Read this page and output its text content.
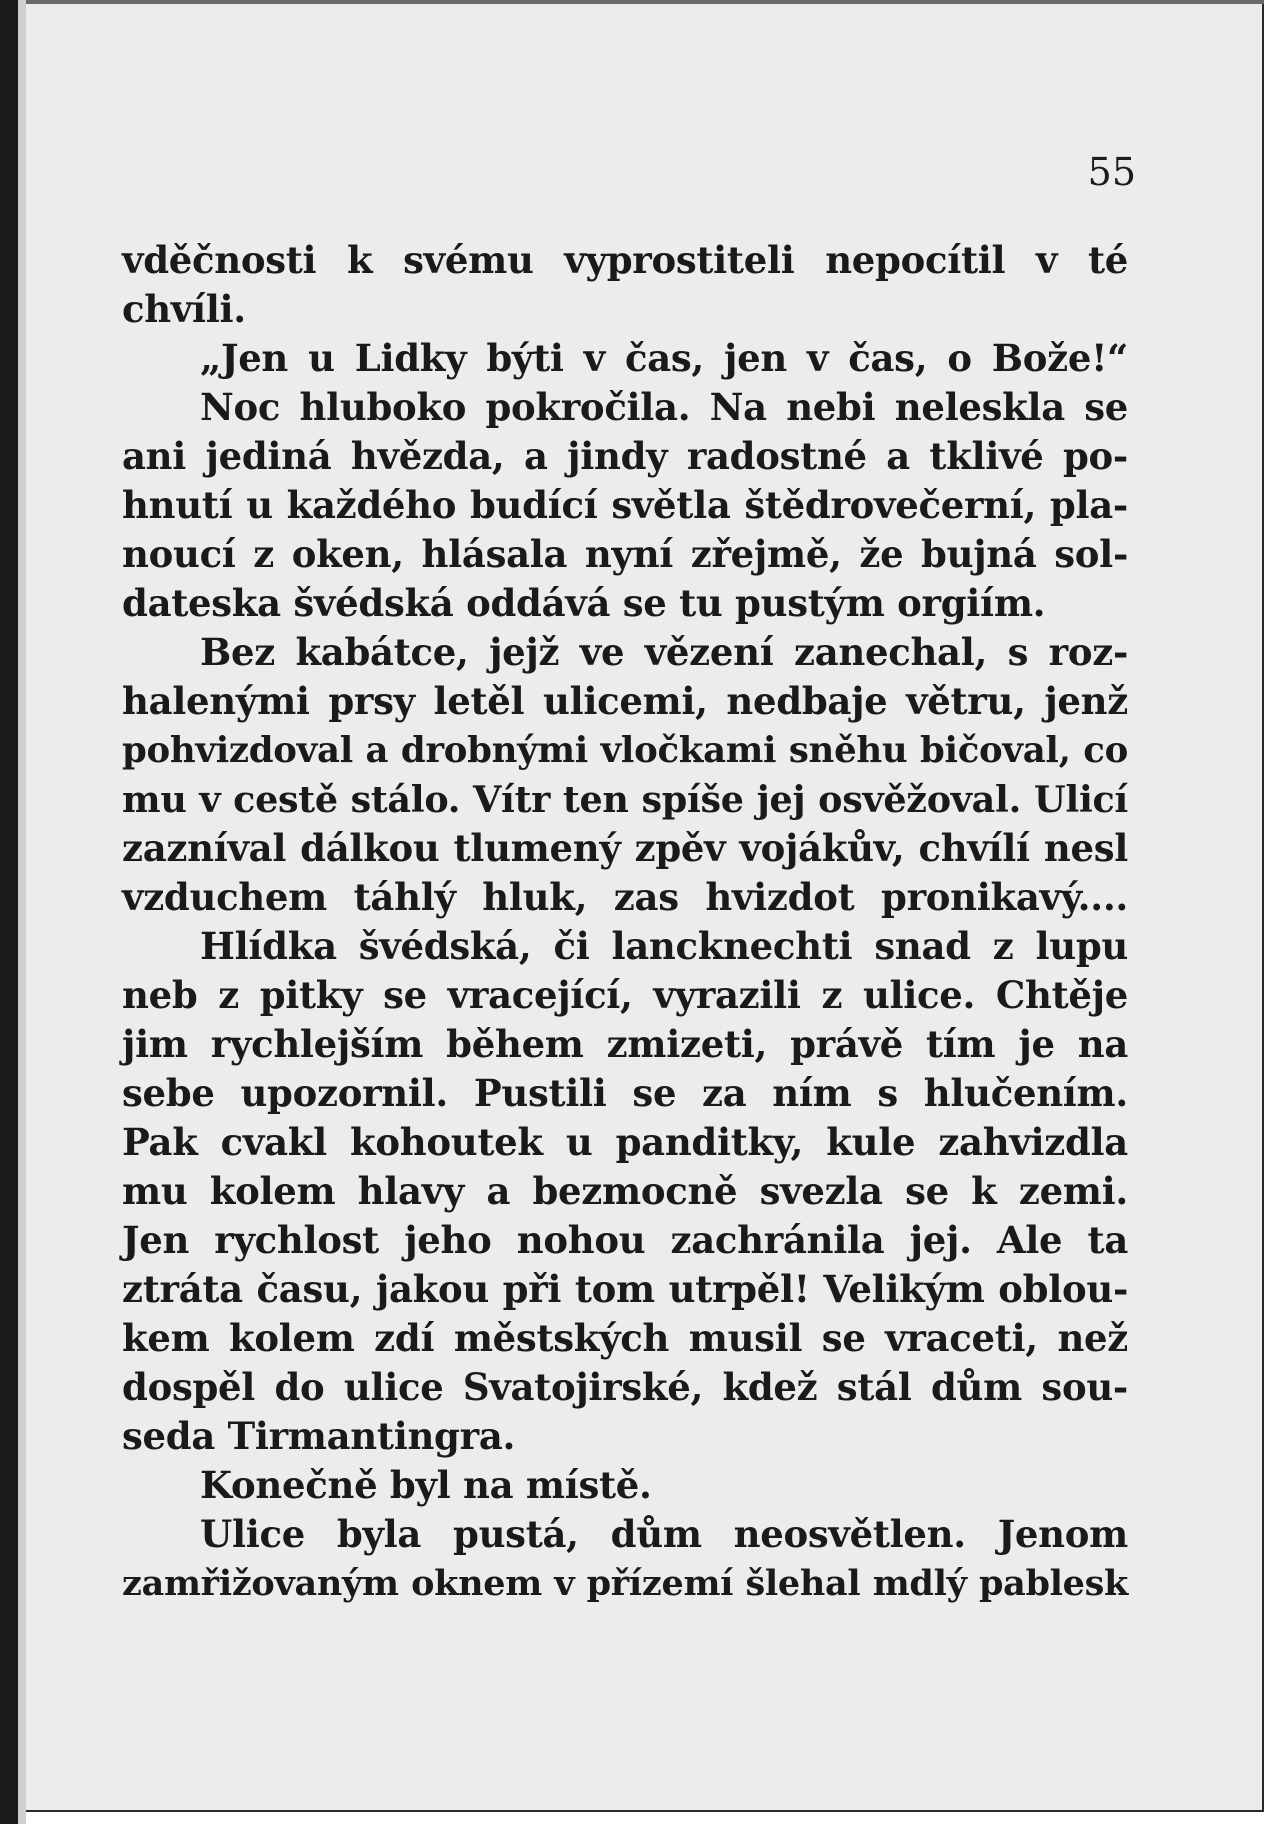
55
vděčnosti k svému vyprostiteli nepocítil v té
chvíli.
„Jen u Lidky býti v čas, jen v čas, o Bože!“
Noc hluboko pokročila. Na nebi neleskla se
ani jediná hvězda, a jindy radostné a tklivé po-
hnutí u každého budící světla štědrovečerní, pla-
noucí z oken, hlásala nyní zřejmě, že bujná sol-
dateska švédská oddává se tu pustým orgiím.
Bez kabátce, jejž ve vězení zanechal, s roz-
halenými prsy letěl ulicemi, nedbaje větru, jenž
pohvizdoval a drobnými vločkami sněhu bičoval, co
mu v cestě stálo. Vítr ten spíše jej osvěžoval. Ulicí
zazníval dálkou tlumený zpěv vojákův, chvílí nesl
vzduchem táhlý hluk, zas hvizdot pronikavý....
Hlídka švédská, či lancknechti snad z lupu
neb z pitky se vracející, vyrazili z ulice. Chtěje
jim rychlejším během zmizeti, právě tím je na
sebe upozornil. Pustili se za ním s hlučením.
Pak cvakl kohoutek u panditky, kule zahvizdla
mu kolem hlavy a bezmocně svezla se k zemi.
Jen rychlost jeho nohou zachránila jej. Ale ta
ztráta času, jakou při tom utrpěl! Velikým oblou-
kem kolem zdí městských musil se vraceti, než
dospěl do ulice Svatojirské, kdež stál dům sou-
seda Tirmantingra.
Konečně byl na místě.
Ulice byla pustá, dům neosvětlen. Jenom
zamřižovaným oknem v přízemí šlehal mdlý pablesk
